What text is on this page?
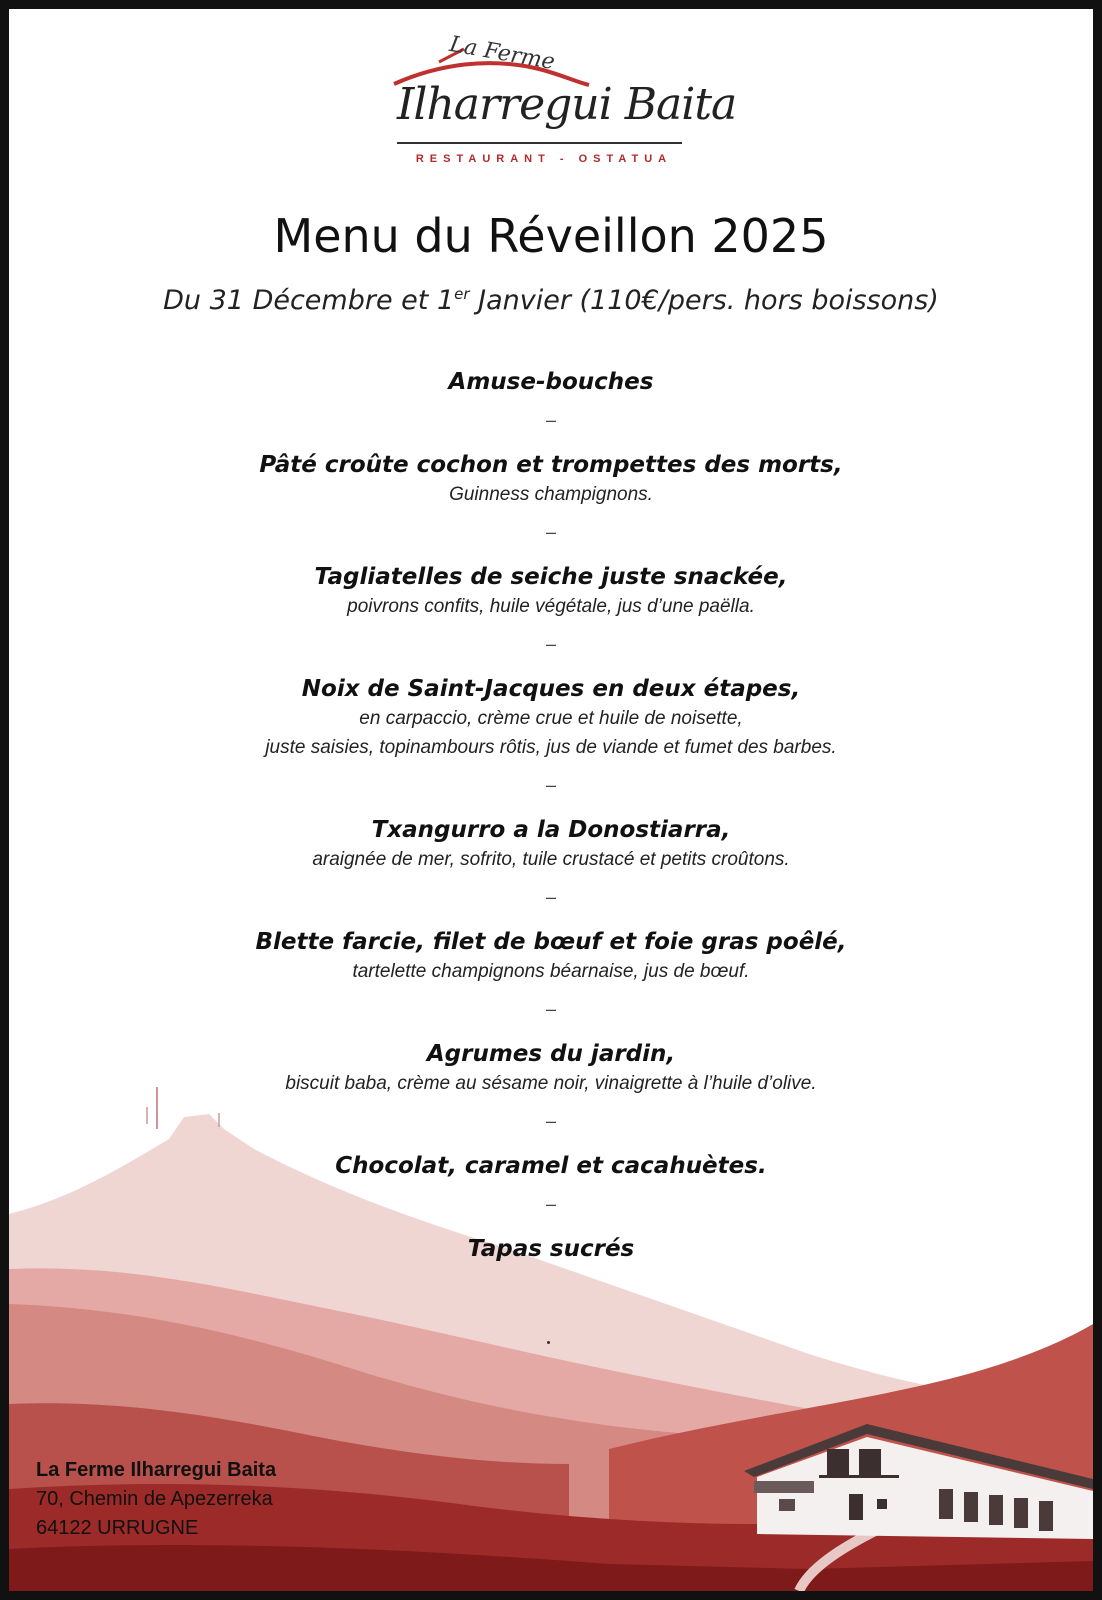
La Ferme
Ilharregui Baita
RESTAURANT - OSTATUA
Menu du Réveillon 2025
Du 31 Décembre et 1er Janvier (110€/pers. hors boissons)
Amuse-bouches
–
Pâté croûte cochon et trompettes des morts,
Guinness champignons.
–
Tagliatelles de seiche juste snackée,
poivrons confits, huile végétale, jus d’une paëlla.
–
Noix de Saint-Jacques en deux étapes,
en carpaccio, crème crue et huile de noisette,
juste saisies, topinambours rôtis, jus de viande et fumet des barbes.
–
Txangurro a la Donostiarra,
araignée de mer, sofrito, tuile crustacé et petits croûtons.
–
Blette farcie, filet de bœuf et foie gras poêlé,
tartelette champignons béarnaise, jus de bœuf.
–
Agrumes du jardin,
biscuit baba, crème au sésame noir, vinaigrette à l’huile d’olive.
–
Chocolat, caramel et cacahuètes.
–
Tapas sucrés
La Ferme Ilharregui Baita
70, Chemin de Apezerreka
64122 URRUGNE
